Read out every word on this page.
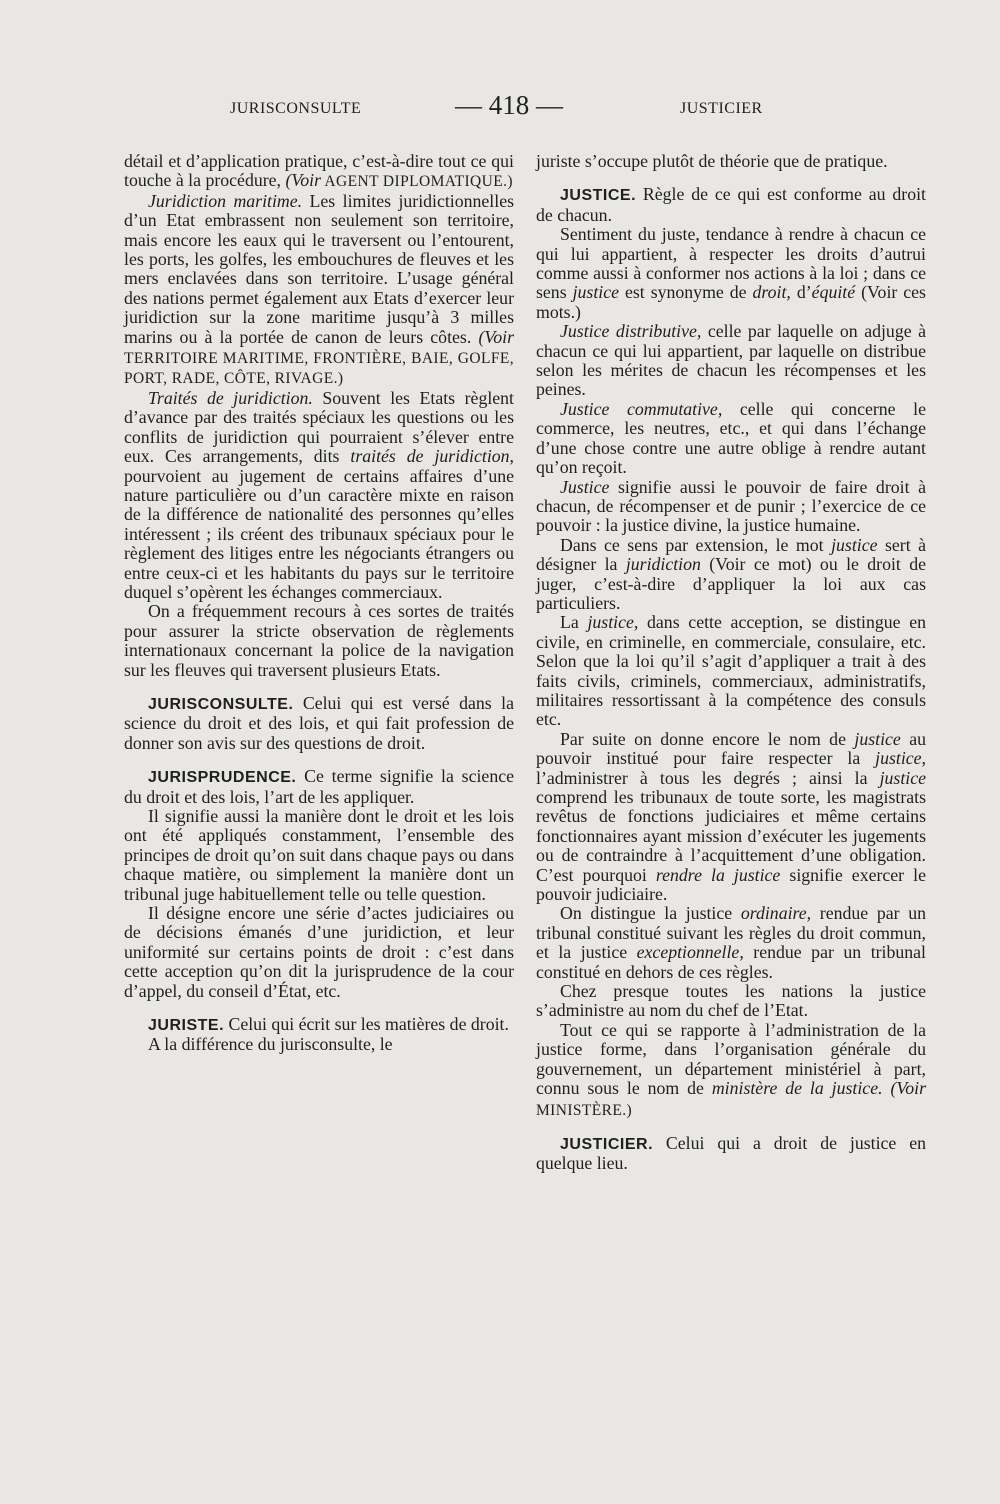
JURISCONSULTE	— 418 —	JUSTICIER

détail et d’application pratique, c’est-à-dire tout ce qui touche à la procédure, (Voir AGENT DIPLOMATIQUE.)

Juridiction maritime. Les limites juridictionnelles d’un Etat embrassent non seulement son territoire, mais encore les eaux qui le traversent ou l’entourent, les ports, les golfes, les embouchures de fleuves et les mers enclavées dans son territoire. L’usage général des nations permet également aux Etats d’exercer leur juridiction sur la zone maritime jusqu’à 3 milles marins ou à la portée de canon de leurs côtes. (Voir TERRITOIRE MARITIME, FRONTIÈRE, BAIE, GOLFE, PORT, RADE, CÔTE, RIVAGE.)

Traités de juridiction. Souvent les Etats règlent d’avance par des traités spéciaux les questions ou les conflits de juridiction qui pourraient s’élever entre eux. Ces arrangements, dits traités de juridiction, pourvoient au jugement de certains affaires d’une nature particulière ou d’un caractère mixte en raison de la différence de nationalité des personnes qu’elles intéressent ; ils créent des tribunaux spéciaux pour le règlement des litiges entre les négociants étrangers ou entre ceux-ci et les habitants du pays sur le territoire duquel s’opèrent les échanges commerciaux.

On a fréquemment recours à ces sortes de traités pour assurer la stricte observation de règlements internationaux concernant la police de la navigation sur les fleuves qui traversent plusieurs Etats.

JURISCONSULTE. Celui qui est versé dans la science du droit et des lois, et qui fait profession de donner son avis sur des questions de droit.

JURISPRUDENCE. Ce terme signifie la science du droit et des lois, l’art de les appliquer.

Il signifie aussi la manière dont le droit et les lois ont été appliqués constamment, l’ensemble des principes de droit qu’on suit dans chaque pays ou dans chaque matière, ou simplement la manière dont un tribunal juge habituellement telle ou telle question.

Il désigne encore une série d’actes judiciaires ou de décisions émanés d’une juridiction, et leur uniformité sur certains points de droit : c’est dans cette acception qu’on dit la jurisprudence de la cour d’appel, du conseil d’État, etc.

JURISTE. Celui qui écrit sur les matières de droit.

A la différence du jurisconsulte, le

juriste s’occupe plutôt de théorie que de pratique.

JUSTICE. Règle de ce qui est conforme au droit de chacun.

Sentiment du juste, tendance à rendre à chacun ce qui lui appartient, à respecter les droits d’autrui comme aussi à conformer nos actions à la loi ; dans ce sens justice est synonyme de droit, d’équité (Voir ces mots.)

Justice distributive, celle par laquelle on adjuge à chacun ce qui lui appartient, par laquelle on distribue selon les mérites de chacun les récompenses et les peines.

Justice commutative, celle qui concerne le commerce, les neutres, etc., et qui dans l’échange d’une chose contre une autre oblige à rendre autant qu’on reçoit.

Justice signifie aussi le pouvoir de faire droit à chacun, de récompenser et de punir ; l’exercice de ce pouvoir : la justice divine, la justice humaine.

Dans ce sens par extension, le mot justice sert à désigner la juridiction (Voir ce mot) ou le droit de juger, c’est-à-dire d’appliquer la loi aux cas particuliers.

La justice, dans cette acception, se distingue en civile, en criminelle, en commerciale, consulaire, etc. Selon que la loi qu’il s’agit d’appliquer a trait à des faits civils, criminels, commerciaux, administratifs, militaires ressortissant à la compétence des consuls etc.

Par suite on donne encore le nom de justice au pouvoir institué pour faire respecter la justice, l’administrer à tous les degrés ; ainsi la justice comprend les tribunaux de toute sorte, les magistrats revêtus de fonctions judiciaires et même certains fonctionnaires ayant mission d’exécuter les jugements ou de contraindre à l’acquittement d’une obligation. C’est pourquoi rendre la justice signifie exercer le pouvoir judiciaire.

On distingue la justice ordinaire, rendue par un tribunal constitué suivant les règles du droit commun, et la justice exceptionnelle, rendue par un tribunal constitué en dehors de ces règles.

Chez presque toutes les nations la justice s’administre au nom du chef de l’Etat.

Tout ce qui se rapporte à l’administration de la justice forme, dans l’organisation générale du gouvernement, un département ministériel à part, connu sous le nom de ministère de la justice. (Voir MINISTÈRE.)

JUSTICIER. Celui qui a droit de justice en quelque lieu.
